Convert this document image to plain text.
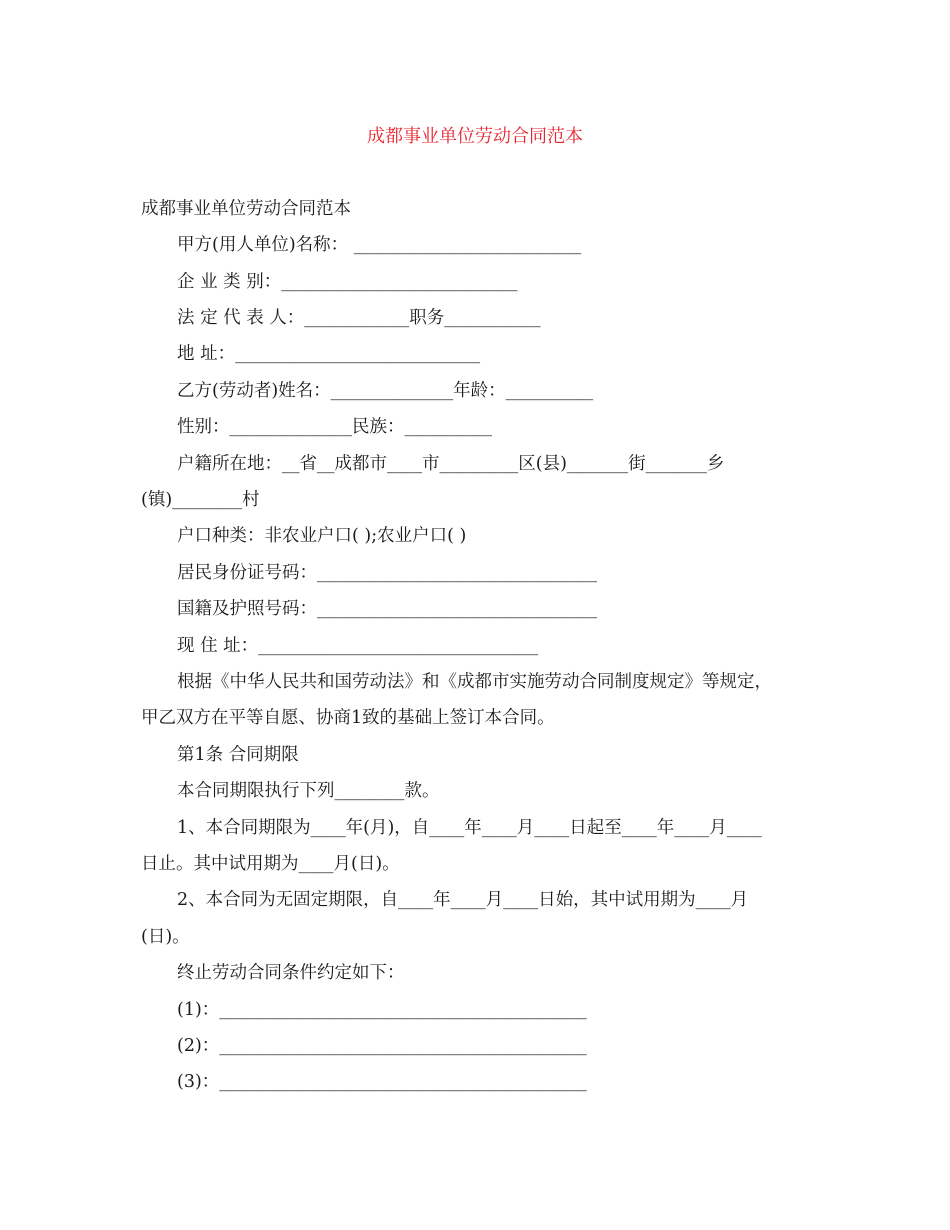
成都事业单位劳动合同范本
成都事业单位劳动合同范本
甲方(用人单位)名称： __________________________
企 业 类 别：___________________________
法 定 代 表 人：____________职务___________
地 址：____________________________
乙方(劳动者)姓名：______________年龄：__________
性别：______________民族：__________
户籍所在地：__省__成都市____市_________区(县)_______街_______乡
(镇)________村
户口种类：非农业户口( );农业户口( )
居民身份证号码：________________________________
国籍及护照号码：________________________________
现 住 址：________________________________
根据《中华人民共和国劳动法》和《成都市实施劳动合同制度规定》等规定，
甲乙双方在平等自愿、协商1致的基础上签订本合同。
第1条 合同期限
本合同期限执行下列________款。
1、本合同期限为____年(月)，自____年____月____日起至____年____月____
日止。其中试用期为____月(日)。
2、本合同为无固定期限，自____年____月____日始，其中试用期为____月
(日)。
终止劳动合同条件约定如下：
(1)：__________________________________________
(2)：__________________________________________
(3)：__________________________________________
